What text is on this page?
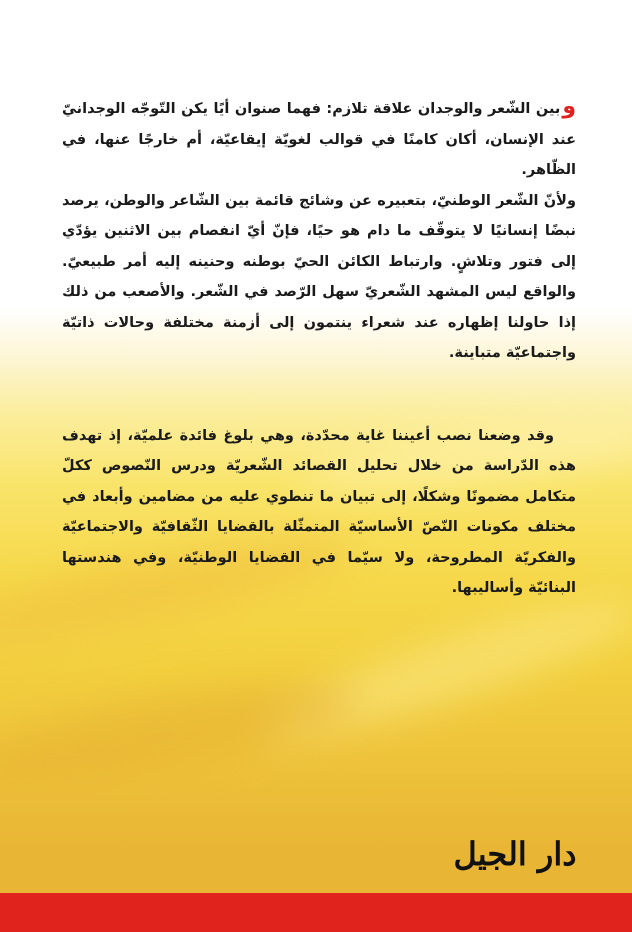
وبين الشّعر والوجدان علاقة تلازم: فهما صنوان أيًا يكن التّوجّه الوجدانيّ عند الإنسان، أكان كامنًا في قوالب لغويّة إيقاعيّة، أم خارجًا عنها، في الظّاهر.

ولأنّ الشّعر الوطنيّ، بتعبيره عن وشائج قائمة بين الشّاعر والوطن، يرصد نبضًا إنسانيًا لا يتوقّف ما دام هو حيًا، فإنّ أيّ انفصام بين الاثنين يؤدّي إلى فتور وتلاشٍ. وارتباط الكائن الحيّ بوطنه وحنينه إليه أمر طبيعيّ. والواقع ليس المشهد الشّعريّ سهل الرّصد في الشّعر. والأصعب من ذلك إذا حاولنا إظهاره عند شعراء ينتمون إلى أزمنة مختلفة وحالات ذاتيّة واجتماعيّة متباينة.

وقد وضعنا نصب أعيننا غاية محدّدة، وهي بلوغ فائدة علميّة، إذ تهدف هذه الدّراسة من خلال تحليل القصائد الشّعريّة ودرس النّصوص ككلّ متكامل مضمونًا وشكلًا، إلى تبيان ما تنطوي عليه من مضامين وأبعاد في مختلف مكونات النّصّ الأساسيّة المتمثّلة بالقضايا الثّقافيّة والاجتماعيّة والفكريّة المطروحة، ولا سيّما في القضايا الوطنيّة، وفي هندستها البنائيّة وأساليبها.

دار الجيل
